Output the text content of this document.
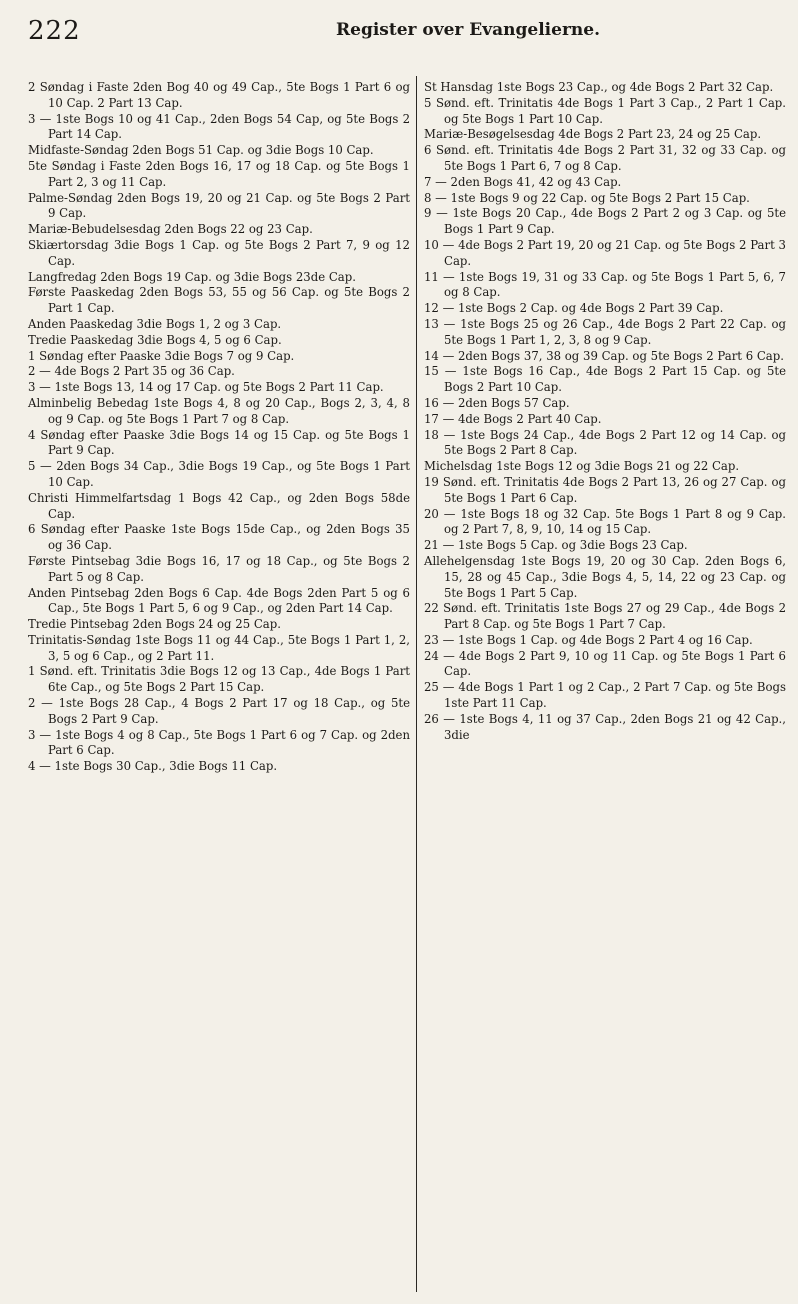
222	Register over Evangelierne.

2 Søndag i Faste 2den Bog 40 og 49 Cap., 5te Bogs 1 Part 6 og 10 Cap. 2 Part 13 Cap.

3 — 1ste Bogs 10 og 41 Cap., 2den Bogs 54 Cap, og 5te Bogs 2 Part 14 Cap.

Midfaste-Søndag 2den Bogs 51 Cap. og 3die Bogs 10 Cap.

5te Søndag i Faste 2den Bogs 16, 17 og 18 Cap. og 5te Bogs 1 Part 2, 3 og 11 Cap.

Palme-Søndag 2den Bogs 19, 20 og 21 Cap. og 5te Bogs 2 Part 9 Cap.

Mariæ-Bebudelsesdag 2den Bogs 22 og 23 Cap.

Skiærtorsdag 3die Bogs 1 Cap. og 5te Bogs 2 Part 7, 9 og 12 Cap.

Langfredag 2den Bogs 19 Cap. og 3die Bogs 23de Cap.

Første Paaskedag 2den Bogs 53, 55 og 56 Cap. og 5te Bogs 2 Part 1 Cap.

Anden Paaskedag 3die Bogs 1, 2 og 3 Cap.

Tredie Paaskedag 3die Bogs 4, 5 og 6 Cap.

1 Søndag efter Paaske 3die Bogs 7 og 9 Cap.

2 — 4de Bogs 2 Part 35 og 36 Cap.

3 — 1ste Bogs 13, 14 og 17 Cap. og 5te Bogs 2 Part 11 Cap.

Alminbelig Bebedag 1ste Bogs 4, 8 og 20 Cap., Bogs 2, 3, 4, 8 og 9 Cap. og 5te Bogs 1 Part 7 og 8 Cap.

4 Søndag efter Paaske 3die Bogs 14 og 15 Cap. og 5te Bogs 1 Part 9 Cap.

5 — 2den Bogs 34 Cap., 3die Bogs 19 Cap., og 5te Bogs 1 Part 10 Cap.

Christi Himmelfartsdag 1 Bogs 42 Cap., og 2den Bogs 58de Cap.

6 Søndag efter Paaske 1ste Bogs 15de Cap., og 2den Bogs 35 og 36 Cap.

Første Pintsebag 3die Bogs 16, 17 og 18 Cap., og 5te Bogs 2 Part 5 og 8 Cap.

Anden Pintsebag 2den Bogs 6 Cap. 4de Bogs 2den Part 5 og 6 Cap., 5te Bogs 1 Part 5, 6 og 9 Cap., og 2den Part 14 Cap.

Tredie Pintsebag 2den Bogs 24 og 25 Cap.

Trinitatis-Søndag 1ste Bogs 11 og 44 Cap., 5te Bogs 1 Part 1, 2, 3, 5 og 6 Cap., og 2 Part 11.

1 Sønd. eft. Trinitatis 3die Bogs 12 og 13 Cap., 4de Bogs 1 Part 6te Cap., og 5te Bogs 2 Part 15 Cap.

2 — 1ste Bogs 28 Cap., 4 Bogs 2 Part 17 og 18 Cap., og 5te Bogs 2 Part 9 Cap.

3 — 1ste Bogs 4 og 8 Cap., 5te Bogs 1 Part 6 og 7 Cap. og 2den Part 6 Cap.

4 — 1ste Bogs 30 Cap., 3die Bogs 11 Cap.

St Hansdag 1ste Bogs 23 Cap., og 4de Bogs 2 Part 32 Cap.

5 Sønd. eft. Trinitatis 4de Bogs 1 Part 3 Cap., 2 Part 1 Cap. og 5te Bogs 1 Part 10 Cap.

Mariæ-Besøgelsesdag 4de Bogs 2 Part 23, 24 og 25 Cap.

6 Sønd. eft. Trinitatis 4de Bogs 2 Part 31, 32 og 33 Cap. og 5te Bogs 1 Part 6, 7 og 8 Cap.

7 — 2den Bogs 41, 42 og 43 Cap.

8 — 1ste Bogs 9 og 22 Cap. og 5te Bogs 2 Part 15 Cap.

9 — 1ste Bogs 20 Cap., 4de Bogs 2 Part 2 og 3 Cap. og 5te Bogs 1 Part 9 Cap.

10 — 4de Bogs 2 Part 19, 20 og 21 Cap. og 5te Bogs 2 Part 3 Cap.

11 — 1ste Bogs 19, 31 og 33 Cap. og 5te Bogs 1 Part 5, 6, 7 og 8 Cap.

12 — 1ste Bogs 2 Cap. og 4de Bogs 2 Part 39 Cap.

13 — 1ste Bogs 25 og 26 Cap., 4de Bogs 2 Part 22 Cap. og 5te Bogs 1 Part 1, 2, 3, 8 og 9 Cap.

14 — 2den Bogs 37, 38 og 39 Cap. og 5te Bogs 2 Part 6 Cap.

15 — 1ste Bogs 16 Cap., 4de Bogs 2 Part 15 Cap. og 5te Bogs 2 Part 10 Cap.

16 — 2den Bogs 57 Cap.

17 — 4de Bogs 2 Part 40 Cap.

18 — 1ste Bogs 24 Cap., 4de Bogs 2 Part 12 og 14 Cap. og 5te Bogs 2 Part 8 Cap.

Michelsdag 1ste Bogs 12 og 3die Bogs 21 og 22 Cap.

19 Sønd. eft. Trinitatis 4de Bogs 2 Part 13, 26 og 27 Cap. og 5te Bogs 1 Part 6 Cap.

20 — 1ste Bogs 18 og 32 Cap. 5te Bogs 1 Part 8 og 9 Cap. og 2 Part 7, 8, 9, 10, 14 og 15 Cap.

21 — 1ste Bogs 5 Cap. og 3die Bogs 23 Cap.

Allehelgensdag 1ste Bogs 19, 20 og 30 Cap. 2den Bogs 6, 15, 28 og 45 Cap., 3die Bogs 4, 5, 14, 22 og 23 Cap. og 5te Bogs 1 Part 5 Cap.

22 Sønd. eft. Trinitatis 1ste Bogs 27 og 29 Cap., 4de Bogs 2 Part 8 Cap. og 5te Bogs 1 Part 7 Cap.

23 — 1ste Bogs 1 Cap. og 4de Bogs 2 Part 4 og 16 Cap.

24 — 4de Bogs 2 Part 9, 10 og 11 Cap. og 5te Bogs 1 Part 6 Cap.

25 — 4de Bogs 1 Part 1 og 2 Cap., 2 Part 7 Cap. og 5te Bogs 1ste Part 11 Cap.

26 — 1ste Bogs 4, 11 og 37 Cap., 2den Bogs 21 og 42 Cap., 3die
